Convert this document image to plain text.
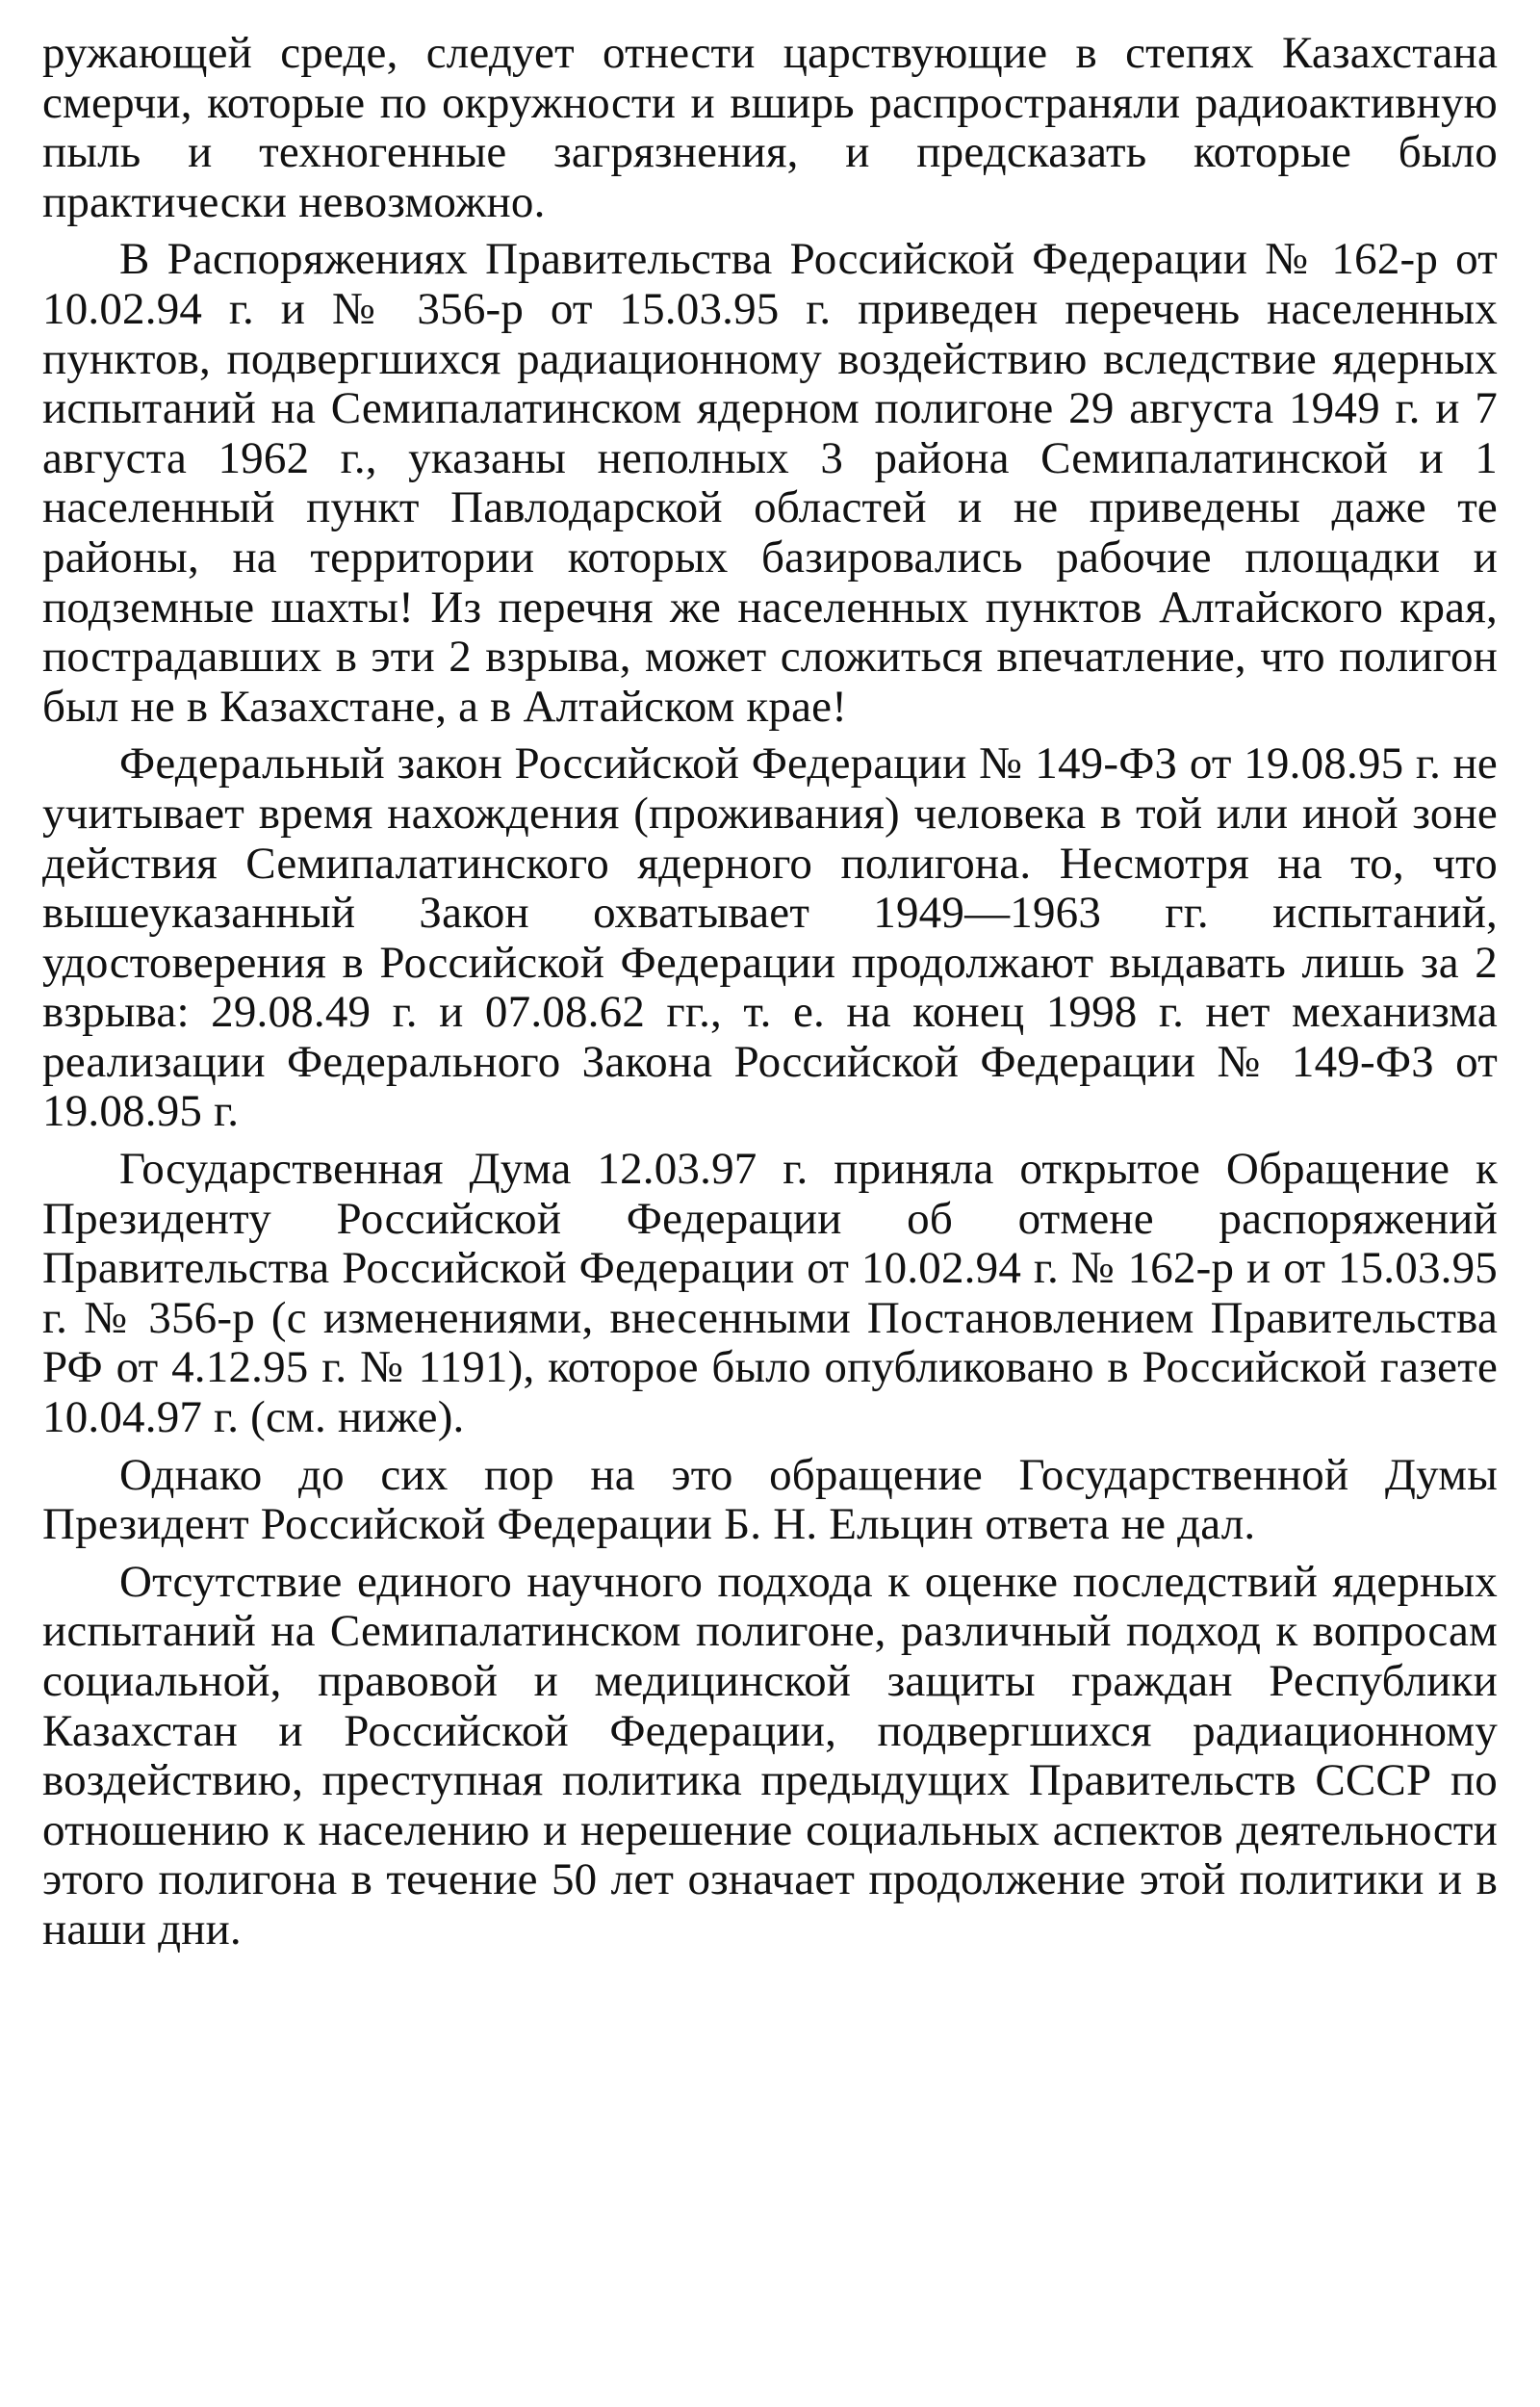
ружающей среде, следует отнести царствующие в степях Казахстана смерчи, которые по окружности и вширь распространяли радиоактивную пыль и техногенные загрязнения, и предсказать которые было практически невозможно.

В Распоряжениях Правительства Российской Федерации № 162-р от 10.02.94 г. и № 356-р от 15.03.95 г. приведен перечень населенных пунктов, подвергшихся радиационному воздействию вследствие ядерных испытаний на Семипалатинском ядерном полигоне 29 августа 1949 г. и 7 августа 1962 г., указаны неполных 3 района Семипалатинской и 1 населенный пункт Павлодарской областей и не приведены даже те районы, на территории которых базировались рабочие площадки и подземные шахты! Из перечня же населенных пунктов Алтайского края, пострадавших в эти 2 взрыва, может сложиться впечатление, что полигон был не в Казахстане, а в Алтайском крае!

Федеральный закон Российской Федерации № 149-ФЗ от 19.08.95 г. не учитывает время нахождения (проживания) человека в той или иной зоне действия Семипалатинского ядерного полигона. Несмотря на то, что вышеуказанный Закон охватывает 1949—1963 гг. испытаний, удостоверения в Российской Федерации продолжают выдавать лишь за 2 взрыва: 29.08.49 г. и 07.08.62 гг., т. е. на конец 1998 г. нет механизма реализации Федерального Закона Российской Федерации № 149-ФЗ от 19.08.95 г.

Государственная Дума 12.03.97 г. приняла открытое Обращение к Президенту Российской Федерации об отмене распоряжений Правительства Российской Федерации от 10.02.94 г. № 162-р и от 15.03.95 г. № 356-р (с изменениями, внесенными Постановлением Правительства РФ от 4.12.95 г. № 1191), которое было опубликовано в Российской газете 10.04.97 г. (см. ниже).

Однако до сих пор на это обращение Государственной Думы Президент Российской Федерации Б. Н. Ельцин ответа не дал.

Отсутствие единого научного подхода к оценке последствий ядерных испытаний на Семипалатинском полигоне, различный подход к вопросам социальной, правовой и медицинской защиты граждан Республики Казахстан и Российской Федерации, подвергшихся радиационному воздействию, преступная политика предыдущих Правительств СССР по отношению к населению и нерешение социальных аспектов деятельности этого полигона в течение 50 лет означает продолжение этой политики и в наши дни.
